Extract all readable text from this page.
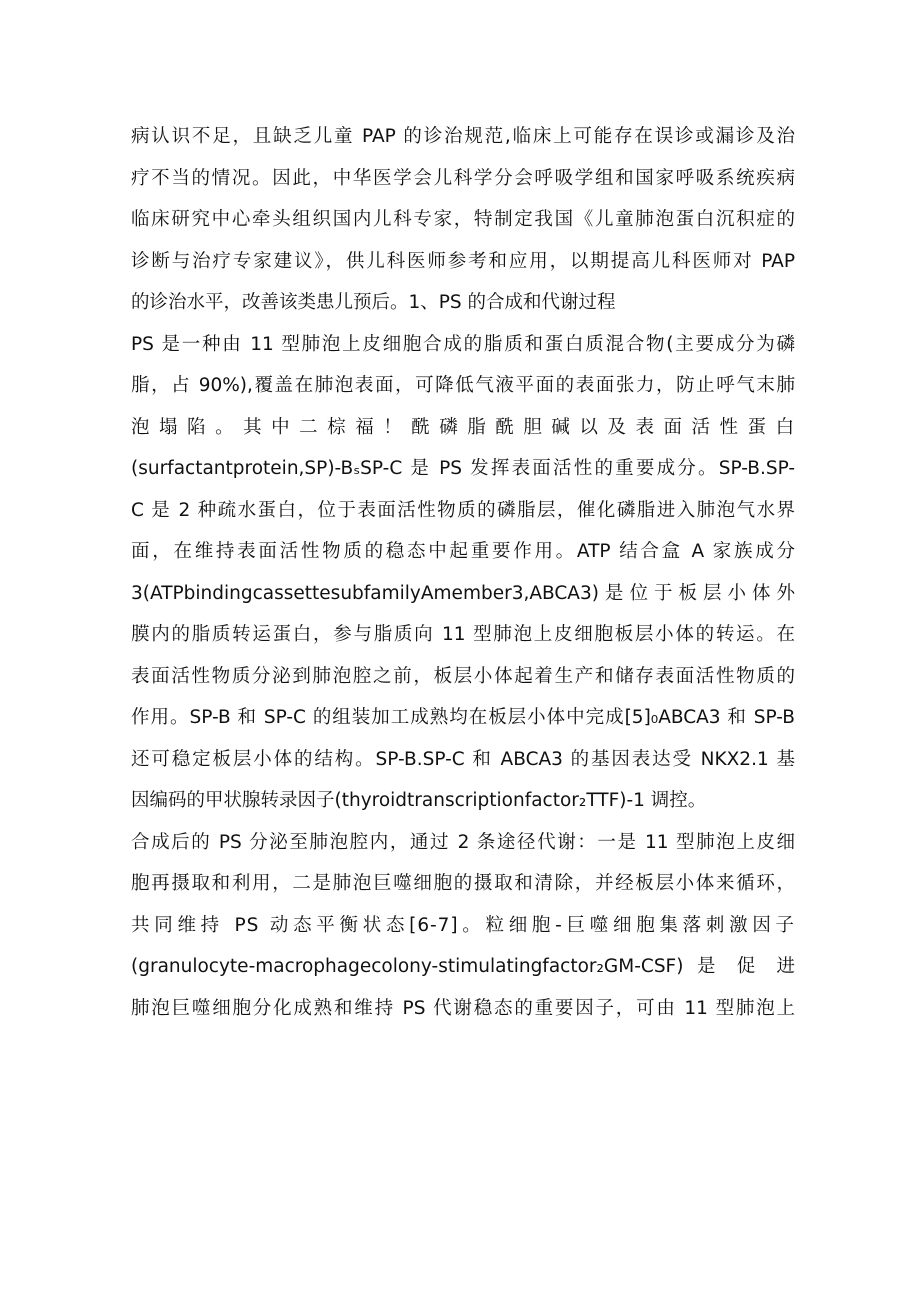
病认识不足，且缺乏儿童 PAP 的诊治规范,临床上可能存在误诊或漏诊及治
疗不当的情况。因此，中华医学会儿科学分会呼吸学组和国家呼吸系统疾病
临床研究中心牵头组织国内儿科专家，特制定我国《儿童肺泡蛋白沉积症的
诊断与治疗专家建议》，供儿科医师参考和应用，以期提高儿科医师对 PAP
的诊治水平，改善该类患儿预后。1、PS 的合成和代谢过程

PS 是一种由 11 型肺泡上皮细胞合成的脂质和蛋白质混合物(主要成分为磷
脂，占 90%),覆盖在肺泡表面，可降低气液平面的表面张力，防止呼气末肺
泡塌陷。其中二棕福！酰磷脂酰胆碱以及表面活性蛋白
(surfactantprotein,SP)-BₛSP-C 是 PS 发挥表面活性的重要成分。SP-B.SP-
C 是 2 种疏水蛋白，位于表面活性物质的磷脂层，催化磷脂进入肺泡气水界
面，在维持表面活性物质的稳态中起重要作用。ATP 结合盒 A 家族成分
3(ATPbindingcassettesubfamilyAmember3,ABCA3)是位于板层小体外
膜内的脂质转运蛋白，参与脂质向 11 型肺泡上皮细胞板层小体的转运。在
表面活性物质分泌到肺泡腔之前，板层小体起着生产和储存表面活性物质的
作用。SP-B 和 SP-C 的组装加工成熟均在板层小体中完成[5]₀ABCA3 和 SP-B
还可稳定板层小体的结构。SP-B.SP-C 和 ABCA3 的基因表达受 NKX2.1 基
因编码的甲状腺转录因子(thyroidtranscriptionfactor₂TTF)-1 调控。

合成后的 PS 分泌至肺泡腔内，通过 2 条途径代谢：一是 11 型肺泡上皮细
胞再摄取和利用，二是肺泡巨噬细胞的摄取和清除，并经板层小体来循环，
共同维持 PS 动态平衡状态[6-7]。粒细胞-巨噬细胞集落刺激因子
(granulocyte-macrophagecolony-stimulatingfactor₂GM-CSF) 是 促 进
肺泡巨噬细胞分化成熟和维持 PS 代谢稳态的重要因子，可由 11 型肺泡上
